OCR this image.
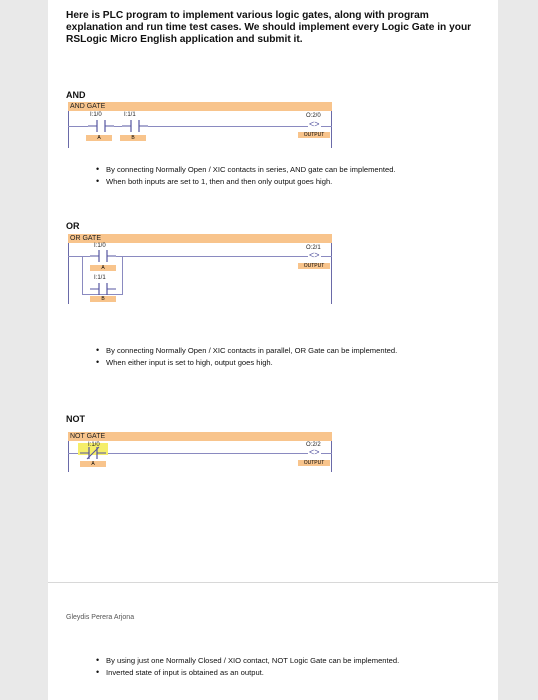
Here is PLC program to implement various logic gates, along with program explanation and run time test cases. We should implement every Logic Gate in your RSLogic Micro English application and submit it.
AND
AND GATE
I:1/0
A
I:1/1
B
O:2/0
<>
OUTPUT
• By connecting Normally Open / XIC contacts in series, AND gate can be implemented.
• When both inputs are set to 1, then and then only output goes high.
OR
OR GATE
I:1/0
A
I:1/1
B
O:2/1
<>
OUTPUT
• By connecting Normally Open / XIC contacts in parallel, OR Gate can be implemented.
• When either input is set to high, output goes high.
NOT
NOT GATE
I:1/0
A
O:2/2
<>
OUTPUT
Gleydis Perera Arjona
• By using just one Normally Closed / XIO contact, NOT Logic Gate can be implemented.
• Inverted state of input is obtained as an output.
